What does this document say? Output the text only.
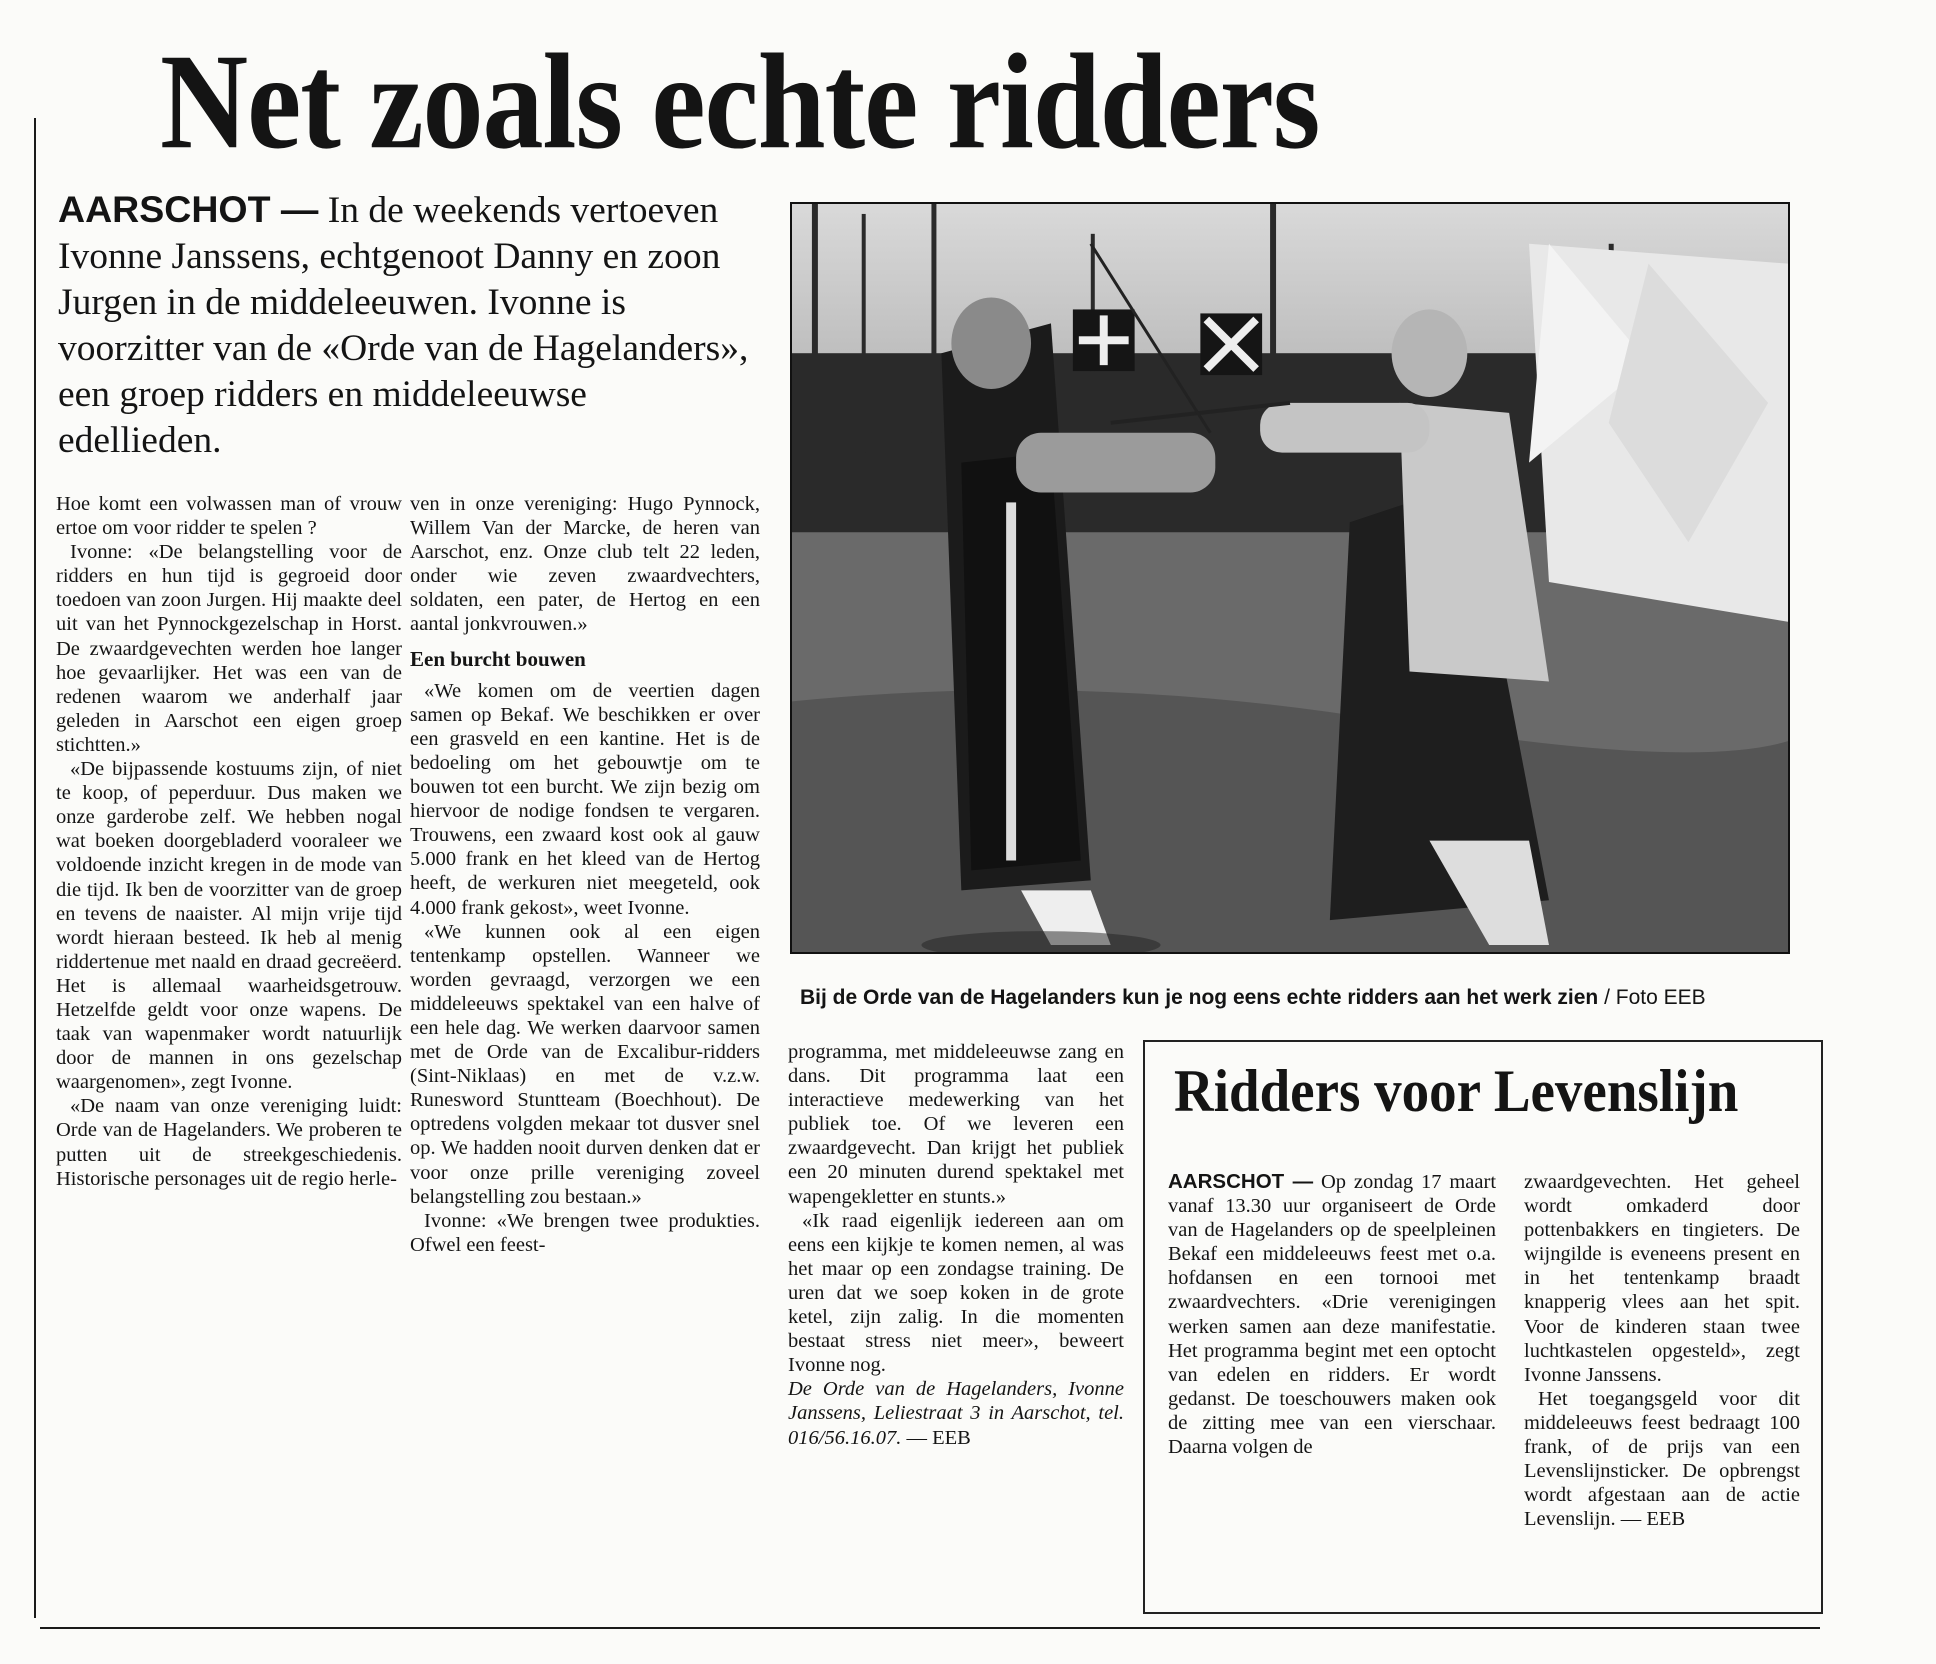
Net zoals echte ridders

AARSCHOT — In de weekends vertoeven Ivonne Janssens, echtgenoot Danny en zoon Jurgen in de middeleeuwen. Ivonne is voorzitter van de «Orde van de Hagelanders», een groep ridders en middeleeuwse edellieden.

Hoe komt een volwassen man of vrouw ertoe om voor ridder te spelen ?

Ivonne: «De belangstelling voor de ridders en hun tijd is gegroeid door toedoen van zoon Jurgen. Hij maakte deel uit van het Pynnockgezelschap in Horst. De zwaardgevechten werden hoe langer hoe gevaarlijker. Het was een van de redenen waarom we anderhalf jaar geleden in Aarschot een eigen groep stichtten.»

«De bijpassende kostuums zijn, of niet te koop, of peperduur. Dus maken we onze garderobe zelf. We hebben nogal wat boeken doorgebladerd vooraleer we voldoende inzicht kregen in de mode van die tijd. Ik ben de voorzitter van de groep en tevens de naaister. Al mijn vrije tijd wordt hieraan besteed. Ik heb al menig riddertenue met naald en draad gecreëerd. Het is allemaal waarheidsgetrouw. Hetzelfde geldt voor onze wapens. De taak van wapenmaker wordt natuurlijk door de mannen in ons gezelschap waargenomen», zegt Ivonne.

«De naam van onze vereniging luidt: Orde van de Hagelanders. We proberen te putten uit de streekgeschiedenis. Historische personages uit de regio herle-

ven in onze vereniging: Hugo Pynnock, Willem Van der Marcke, de heren van Aarschot, enz. Onze club telt 22 leden, onder wie zeven zwaardvechters, soldaten, een pater, de Hertog en een aantal jonkvrouwen.»

Een burcht bouwen

«We komen om de veertien dagen samen op Bekaf. We beschikken er over een grasveld en een kantine. Het is de bedoeling om het gebouwtje om te bouwen tot een burcht. We zijn bezig om hiervoor de nodige fondsen te vergaren. Trouwens, een zwaard kost ook al gauw 5.000 frank en het kleed van de Hertog heeft, de werkuren niet meegeteld, ook 4.000 frank gekost», weet Ivonne.

«We kunnen ook al een eigen tentenkamp opstellen. Wanneer we worden gevraagd, verzorgen we een middeleeuws spektakel van een halve of een hele dag. We werken daarvoor samen met de Orde van de Excalibur-ridders (Sint-Niklaas) en met de v.z.w. Runesword Stuntteam (Boechhout). De optredens volgden mekaar tot dusver snel op. We hadden nooit durven denken dat er voor onze prille vereniging zoveel belangstelling zou bestaan.»

Ivonne: «We brengen twee produkties. Ofwel een feest-

Bij de Orde van de Hagelanders kun je nog eens echte ridders aan het werk zien / Foto EEB

programma, met middeleeuwse zang en dans. Dit programma laat een interactieve medewerking van het publiek toe. Of we leveren een zwaardgevecht. Dan krijgt het publiek een 20 minuten durend spektakel met wapengekletter en stunts.»

«Ik raad eigenlijk iedereen aan om eens een kijkje te komen nemen, al was het maar op een zondagse training. De uren dat we soep koken in de grote ketel, zijn zalig. In die momenten bestaat stress niet meer», beweert Ivonne nog.

De Orde van de Hagelanders, Ivonne Janssens, Leliestraat 3 in Aarschot, tel. 016/56.16.07. — EEB

Ridders voor Levenslijn

AARSCHOT — Op zondag 17 maart vanaf 13.30 uur organiseert de Orde van de Hagelanders op de speelpleinen Bekaf een middeleeuws feest met o.a. hofdansen en een tornooi met zwaardvechters. «Drie verenigingen werken samen aan deze manifestatie. Het programma begint met een optocht van edelen en ridders. Er wordt gedanst. De toeschouwers maken ook de zitting mee van een vierschaar. Daarna volgen de

zwaardgevechten. Het geheel wordt omkaderd door pottenbakkers en tingieters. De wijngilde is eveneens present en in het tentenkamp braadt knapperig vlees aan het spit. Voor de kinderen staan twee luchtkastelen opgesteld», zegt Ivonne Janssens.

Het toegangsgeld voor dit middeleeuws feest bedraagt 100 frank, of de prijs van een Levenslijnsticker. De opbrengst wordt afgestaan aan de actie Levenslijn. — EEB
